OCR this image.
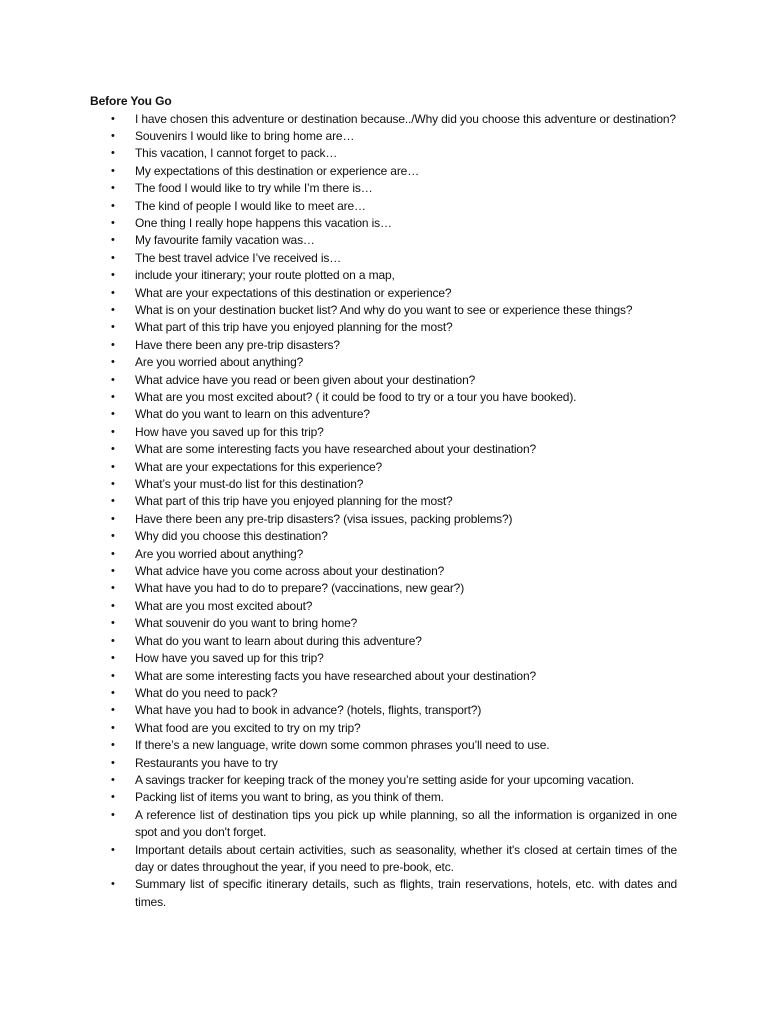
Before You Go
• I have chosen this adventure or destination because../Why did you choose this adventure or destination?
• Souvenirs I would like to bring home are…
• This vacation, I cannot forget to pack…
• My expectations of this destination or experience are…
• The food I would like to try while I’m there is…
• The kind of people I would like to meet are…
• One thing I really hope happens this vacation is…
• My favourite family vacation was…
• The best travel advice I’ve received is…
• include your itinerary; your route plotted on a map,
• What are your expectations of this destination or experience?
• What is on your destination bucket list? And why do you want to see or experience these things?
• What part of this trip have you enjoyed planning for the most?
• Have there been any pre-trip disasters?
• Are you worried about anything?
• What advice have you read or been given about your destination?
• What are you most excited about? ( it could be food to try or a tour you have booked).
• What do you want to learn on this adventure?
• How have you saved up for this trip?
• What are some interesting facts you have researched about your destination?
• What are your expectations for this experience?
• What’s your must-do list for this destination?
• What part of this trip have you enjoyed planning for the most?
• Have there been any pre-trip disasters? (visa issues, packing problems?)
• Why did you choose this destination?
• Are you worried about anything?
• What advice have you come across about your destination?
• What have you had to do to prepare? (vaccinations, new gear?)
• What are you most excited about?
• What souvenir do you want to bring home?
• What do you want to learn about during this adventure?
• How have you saved up for this trip?
• What are some interesting facts you have researched about your destination?
• What do you need to pack?
• What have you had to book in advance? (hotels, flights, transport?)
• What food are you excited to try on my trip?
• If there’s a new language, write down some common phrases you’ll need to use.
• Restaurants you have to try
• A savings tracker for keeping track of the money you’re setting aside for your upcoming vacation.
• Packing list of items you want to bring, as you think of them.
• A reference list of destination tips you pick up while planning, so all the information is organized in one spot and you don't forget.
• Important details about certain activities, such as seasonality, whether it's closed at certain times of the day or dates throughout the year, if you need to pre-book, etc.
• Summary list of specific itinerary details, such as flights, train reservations, hotels, etc. with dates and times.
